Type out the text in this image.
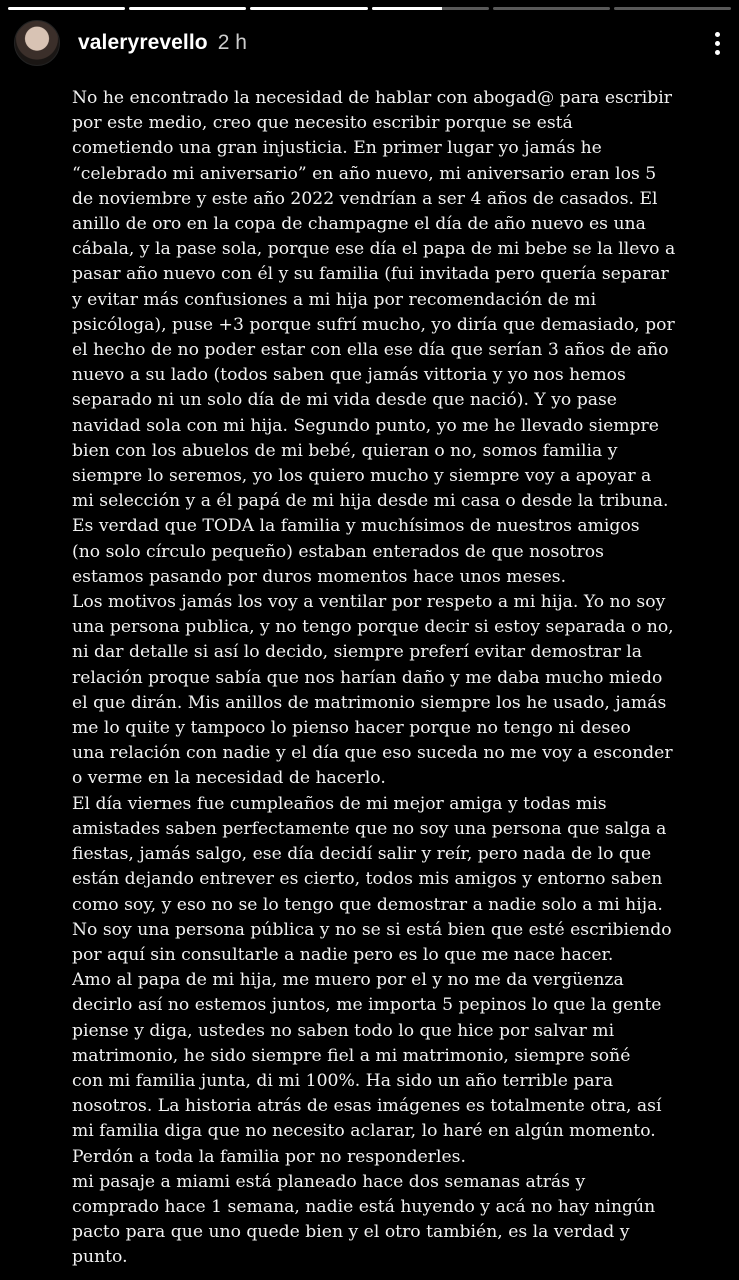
valeryrevello 2 h
No he encontrado la necesidad de hablar con abogad@ para escribir
por este medio, creo que necesito escribir porque se está
cometiendo una gran injusticia. En primer lugar yo jamás he
“celebrado mi aniversario” en año nuevo, mi aniversario eran los 5
de noviembre y este año 2022 vendrían a ser 4 años de casados. El
anillo de oro en la copa de champagne el día de año nuevo es una
cábala, y la pase sola, porque ese día el papa de mi bebe se la llevo a
pasar año nuevo con él y su familia (fui invitada pero quería separar
y evitar más confusiones a mi hija por recomendación de mi
psicóloga), puse +3 porque sufrí mucho, yo diría que demasiado, por
el hecho de no poder estar con ella ese día que serían 3 años de año
nuevo a su lado (todos saben que jamás vittoria y yo nos hemos
separado ni un solo día de mi vida desde que nació). Y yo pase
navidad sola con mi hija. Segundo punto, yo me he llevado siempre
bien con los abuelos de mi bebé, quieran o no, somos familia y
siempre lo seremos, yo los quiero mucho y siempre voy a apoyar a
mi selección y a él papá de mi hija desde mi casa o desde la tribuna.
Es verdad que TODA la familia y muchísimos de nuestros amigos
(no solo círculo pequeño) estaban enterados de que nosotros
estamos pasando por duros momentos hace unos meses.
Los motivos jamás los voy a ventilar por respeto a mi hija. Yo no soy
una persona publica, y no tengo porque decir si estoy separada o no,
ni dar detalle si así lo decido, siempre preferí evitar demostrar la
relación proque sabía que nos harían daño y me daba mucho miedo
el que dirán. Mis anillos de matrimonio siempre los he usado, jamás
me lo quite y tampoco lo pienso hacer porque no tengo ni deseo
una relación con nadie y el día que eso suceda no me voy a esconder
o verme en la necesidad de hacerlo.
El día viernes fue cumpleaños de mi mejor amiga y todas mis
amistades saben perfectamente que no soy una persona que salga a
fiestas, jamás salgo, ese día decidí salir y reír, pero nada de lo que
están dejando entrever es cierto, todos mis amigos y entorno saben
como soy, y eso no se lo tengo que demostrar a nadie solo a mi hija.
No soy una persona pública y no se si está bien que esté escribiendo
por aquí sin consultarle a nadie pero es lo que me nace hacer.
Amo al papa de mi hija, me muero por el y no me da vergüenza
decirlo así no estemos juntos, me importa 5 pepinos lo que la gente
piense y diga, ustedes no saben todo lo que hice por salvar mi
matrimonio, he sido siempre fiel a mi matrimonio, siempre soñé
con mi familia junta, di mi 100%. Ha sido un año terrible para
nosotros. La historia atrás de esas imágenes es totalmente otra, así
mi familia diga que no necesito aclarar, lo haré en algún momento.
Perdón a toda la familia por no responderles.
mi pasaje a miami está planeado hace dos semanas atrás y
comprado hace 1 semana, nadie está huyendo y acá no hay ningún
pacto para que uno quede bien y el otro también, es la verdad y
punto.
